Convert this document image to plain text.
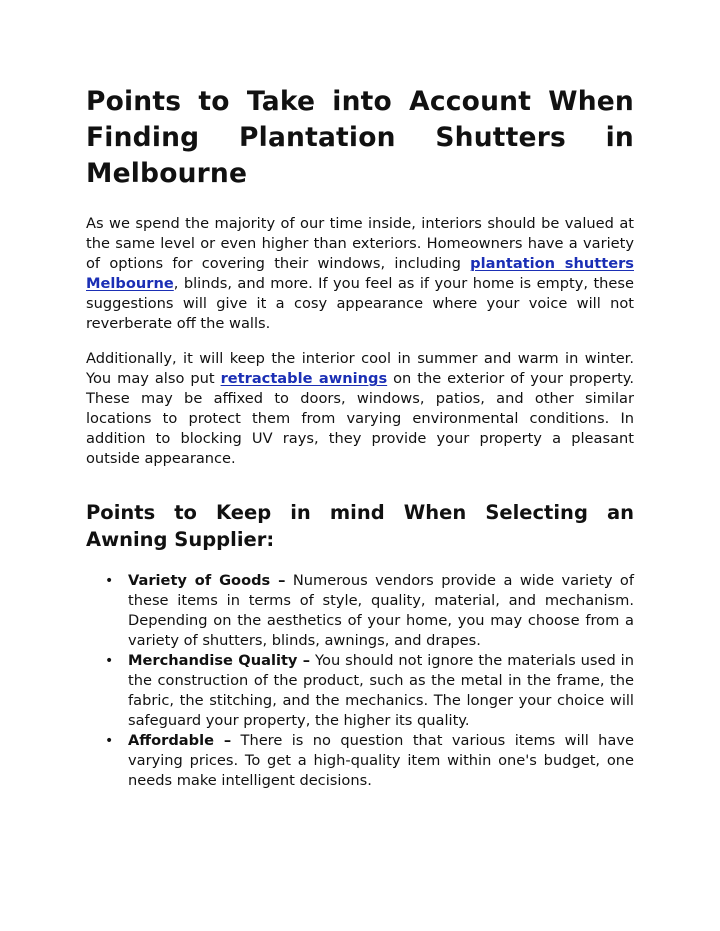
Points to Take into Account When Finding Plantation Shutters in Melbourne

As we spend the majority of our time inside, interiors should be valued at the same level or even higher than exteriors. Homeowners have a variety of options for covering their windows, including plantation shutters Melbourne, blinds, and more. If you feel as if your home is empty, these suggestions will give it a cosy appearance where your voice will not reverberate off the walls.

Additionally, it will keep the interior cool in summer and warm in winter. You may also put retractable awnings on the exterior of your property. These may be affixed to doors, windows, patios, and other similar locations to protect them from varying environmental conditions. In addition to blocking UV rays, they provide your property a pleasant outside appearance.

Points to Keep in mind When Selecting an Awning Supplier:
• Variety of Goods – Numerous vendors provide a wide variety of these items in terms of style, quality, material, and mechanism. Depending on the aesthetics of your home, you may choose from a variety of shutters, blinds, awnings, and drapes.
• Merchandise Quality – You should not ignore the materials used in the construction of the product, such as the metal in the frame, the fabric, the stitching, and the mechanics. The longer your choice will safeguard your property, the higher its quality.
• Affordable – There is no question that various items will have varying prices. To get a high-quality item within one's budget, one needs make intelligent decisions.
